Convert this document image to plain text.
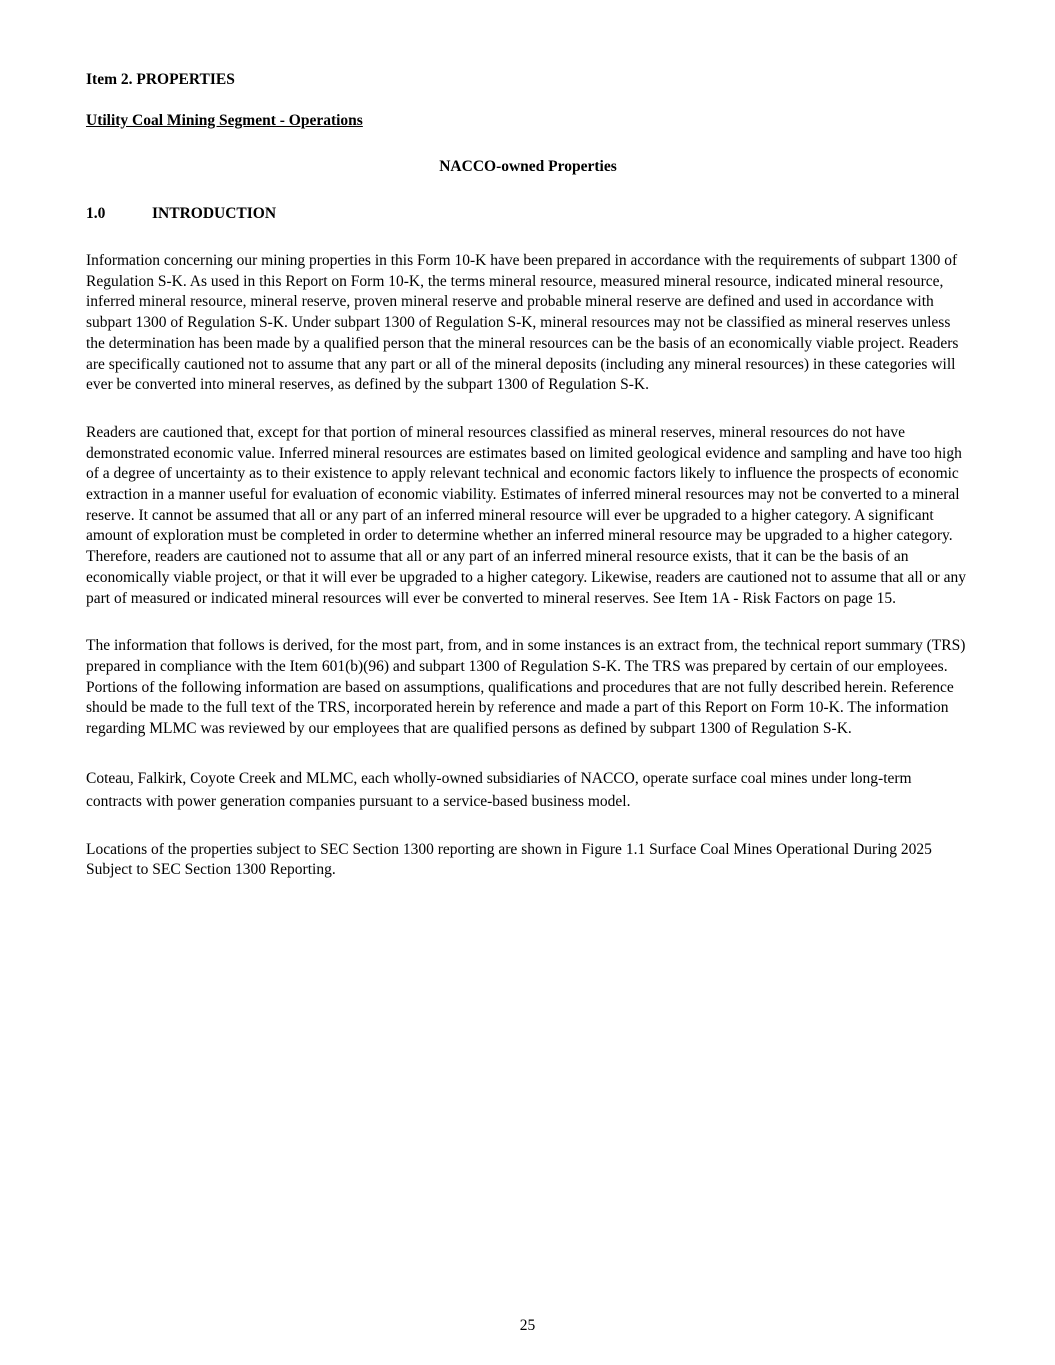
Item 2. PROPERTIES
Utility Coal Mining Segment - Operations
NACCO-owned Properties
1.0	INTRODUCTION

Information concerning our mining properties in this Form 10-K have been prepared in accordance with the requirements of subpart 1300 of Regulation S-K. As used in this Report on Form 10-K, the terms mineral resource, measured mineral resource, indicated mineral resource, inferred mineral resource, mineral reserve, proven mineral reserve and probable mineral reserve are defined and used in accordance with subpart 1300 of Regulation S-K. Under subpart 1300 of Regulation S-K, mineral resources may not be classified as mineral reserves unless the determination has been made by a qualified person that the mineral resources can be the basis of an economically viable project. Readers are specifically cautioned not to assume that any part or all of the mineral deposits (including any mineral resources) in these categories will ever be converted into mineral reserves, as defined by the subpart 1300 of Regulation S-K.

Readers are cautioned that, except for that portion of mineral resources classified as mineral reserves, mineral resources do not have demonstrated economic value. Inferred mineral resources are estimates based on limited geological evidence and sampling and have too high of a degree of uncertainty as to their existence to apply relevant technical and economic factors likely to influence the prospects of economic extraction in a manner useful for evaluation of economic viability. Estimates of inferred mineral resources may not be converted to a mineral reserve. It cannot be assumed that all or any part of an inferred mineral resource will ever be upgraded to a higher category. A significant amount of exploration must be completed in order to determine whether an inferred mineral resource may be upgraded to a higher category. Therefore, readers are cautioned not to assume that all or any part of an inferred mineral resource exists, that it can be the basis of an economically viable project, or that it will ever be upgraded to a higher category. Likewise, readers are cautioned not to assume that all or any part of measured or indicated mineral resources will ever be converted to mineral reserves. See Item 1A - Risk Factors on page 15.

The information that follows is derived, for the most part, from, and in some instances is an extract from, the technical report summary (TRS) prepared in compliance with the Item 601(b)(96) and subpart 1300 of Regulation S-K. The TRS was prepared by certain of our employees. Portions of the following information are based on assumptions, qualifications and procedures that are not fully described herein. Reference should be made to the full text of the TRS, incorporated herein by reference and made a part of this Report on Form 10-K. The information regarding MLMC was reviewed by our employees that are qualified persons as defined by subpart 1300 of Regulation S-K.

Coteau, Falkirk, Coyote Creek and MLMC, each wholly-owned subsidiaries of NACCO, operate surface coal mines under long-term contracts with power generation companies pursuant to a service-based business model.

Locations of the properties subject to SEC Section 1300 reporting are shown in Figure 1.1 Surface Coal Mines Operational During 2025 Subject to SEC Section 1300 Reporting.

25
